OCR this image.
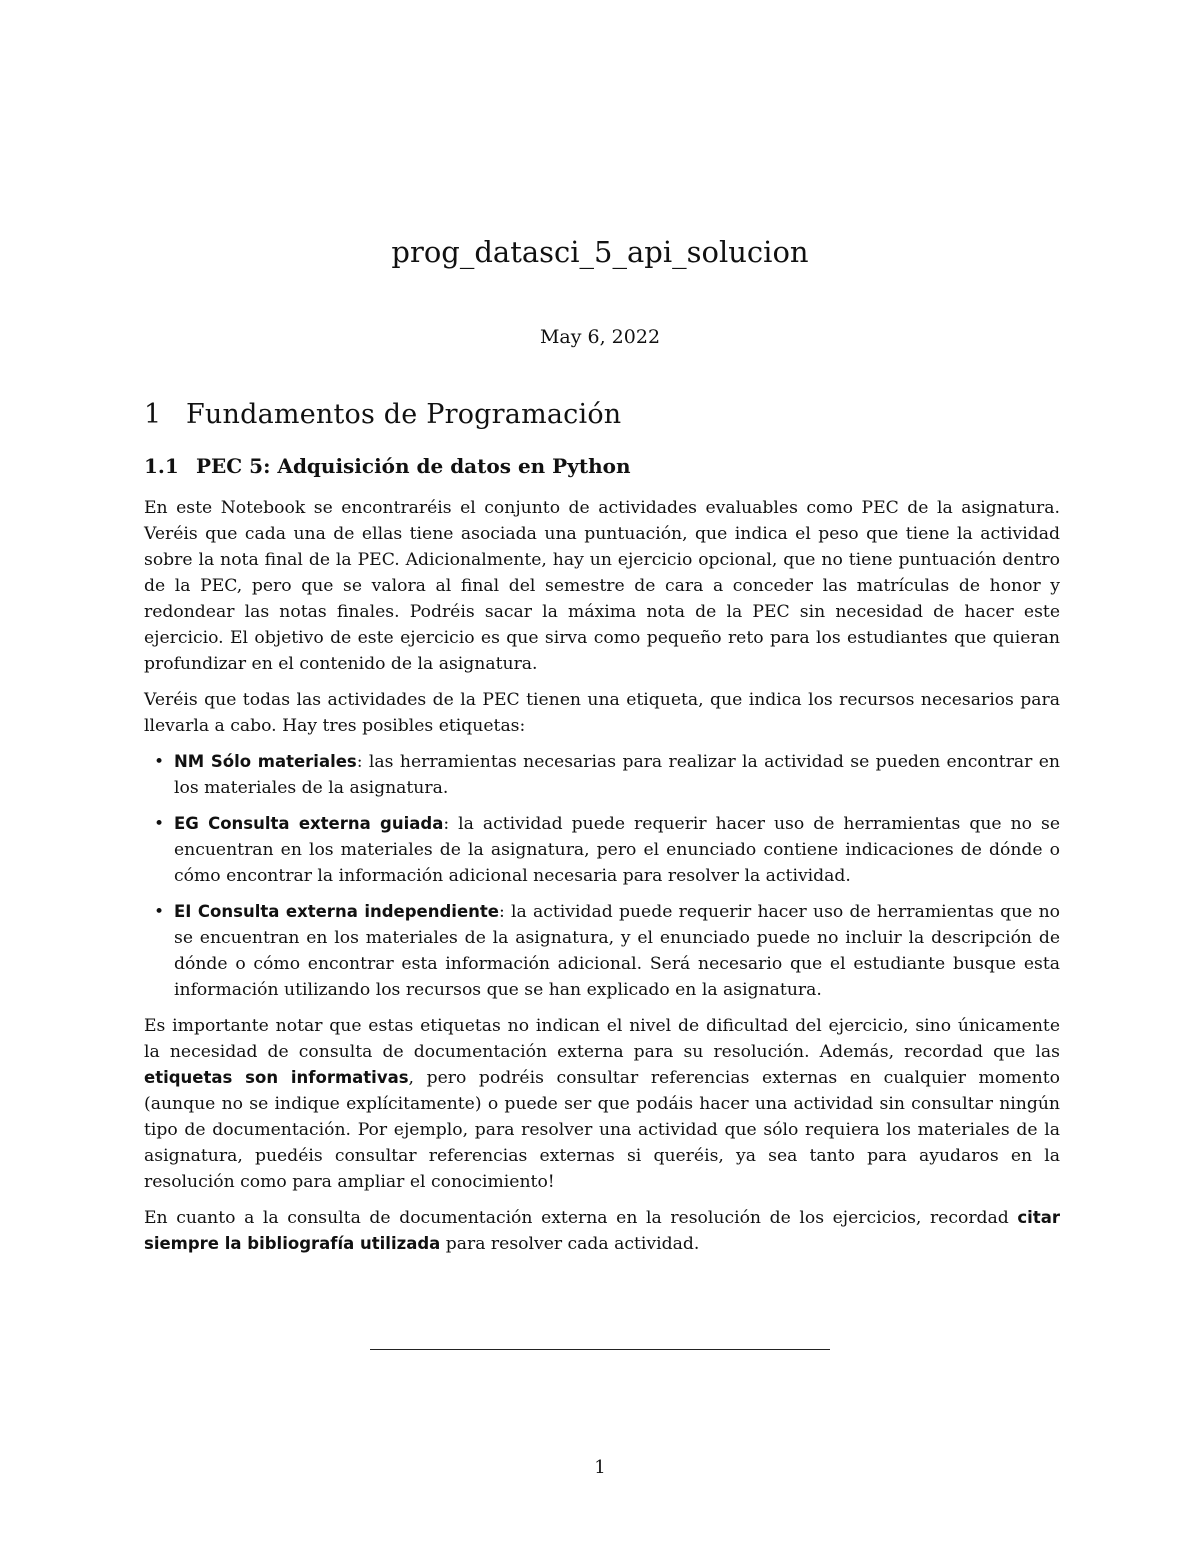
prog_datasci_5_api_solucion
May 6, 2022
1 Fundamentos de Programación
1.1 PEC 5: Adquisición de datos en Python

En este Notebook se encontraréis el conjunto de actividades evaluables como PEC de la asignatura. Veréis que cada una de ellas tiene asociada una puntuación, que indica el peso que tiene la actividad sobre la nota final de la PEC. Adicionalmente, hay un ejercicio opcional, que no tiene puntuación dentro de la PEC, pero que se valora al final del semestre de cara a conceder las matrículas de honor y redondear las notas finales. Podréis sacar la máxima nota de la PEC sin necesidad de hacer este ejercicio. El objetivo de este ejercicio es que sirva como pequeño reto para los estudiantes que quieran profundizar en el contenido de la asignatura.

Veréis que todas las actividades de la PEC tienen una etiqueta, que indica los recursos necesarios para llevarla a cabo. Hay tres posibles etiquetas:

• NM Sólo materiales: las herramientas necesarias para realizar la actividad se pueden encontrar en los materiales de la asignatura.
• EG Consulta externa guiada: la actividad puede requerir hacer uso de herramientas que no se encuentran en los materiales de la asignatura, pero el enunciado contiene indicaciones de dónde o cómo encontrar la información adicional necesaria para resolver la actividad.
• EI Consulta externa independiente: la actividad puede requerir hacer uso de herramientas que no se encuentran en los materiales de la asignatura, y el enunciado puede no incluir la descripción de dónde o cómo encontrar esta información adicional. Será necesario que el estudiante busque esta información utilizando los recursos que se han explicado en la asignatura.

Es importante notar que estas etiquetas no indican el nivel de dificultad del ejercicio, sino únicamente la necesidad de consulta de documentación externa para su resolución. Además, recordad que las etiquetas son informativas, pero podréis consultar referencias externas en cualquier momento (aunque no se indique explícitamente) o puede ser que podáis hacer una actividad sin consultar ningún tipo de documentación. Por ejemplo, para resolver una actividad que sólo requiera los materiales de la asignatura, puedéis consultar referencias externas si queréis, ya sea tanto para ayudaros en la resolución como para ampliar el conocimiento!

En cuanto a la consulta de documentación externa en la resolución de los ejercicios, recordad citar siempre la bibliografía utilizada para resolver cada actividad.

1
